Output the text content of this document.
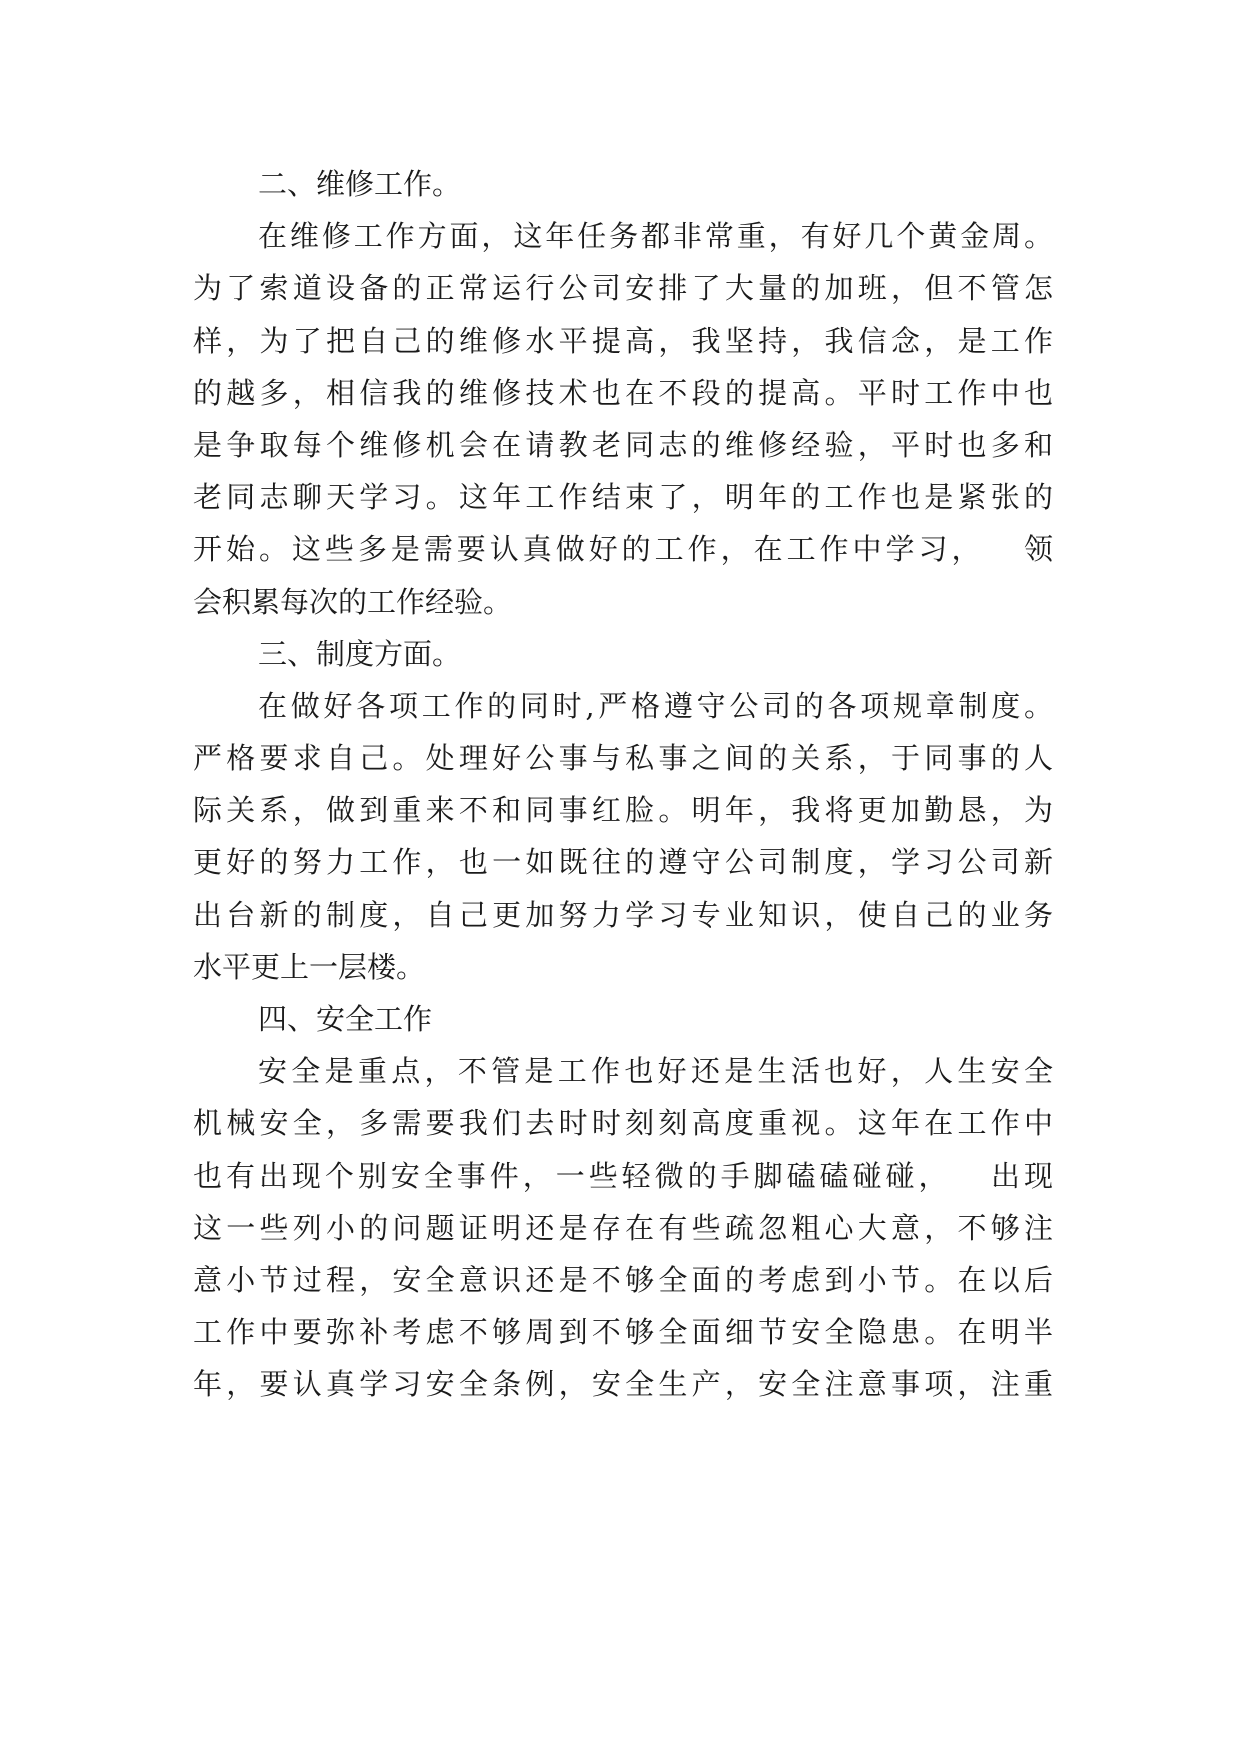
二、维修工作。
在维修工作方面，这年任务都非常重，有好几个黄金周。
为了索道设备的正常运行公司安排了大量的加班，但不管怎
样，为了把自己的维修水平提高，我坚持，我信念，是工作
的越多，相信我的维修技术也在不段的提高。平时工作中也
是争取每个维修机会在请教老同志的维修经验，平时也多和
老同志聊天学习。这年工作结束了，明年的工作也是紧张的
开始。这些多是需要认真做好的工作，在工作中学习，   领
会积累每次的工作经验。
三、制度方面。
在做好各项工作的同时,严格遵守公司的各项规章制度。
严格要求自己。处理好公事与私事之间的关系，于同事的人
际关系，做到重来不和同事红脸。明年，我将更加勤恳，为
更好的努力工作，也一如既往的遵守公司制度，学习公司新
出台新的制度，自己更加努力学习专业知识，使自己的业务
水平更上一层楼。
四、安全工作
安全是重点，不管是工作也好还是生活也好，人生安全
机械安全，多需要我们去时时刻刻高度重视。这年在工作中
也有出现个别安全事件，一些轻微的手脚磕磕碰碰，   出现
这一些列小的问题证明还是存在有些疏忽粗心大意，不够注
意小节过程，安全意识还是不够全面的考虑到小节。在以后
工作中要弥补考虑不够周到不够全面细节安全隐患。在明半
年，要认真学习安全条例，安全生产，安全注意事项，注重
